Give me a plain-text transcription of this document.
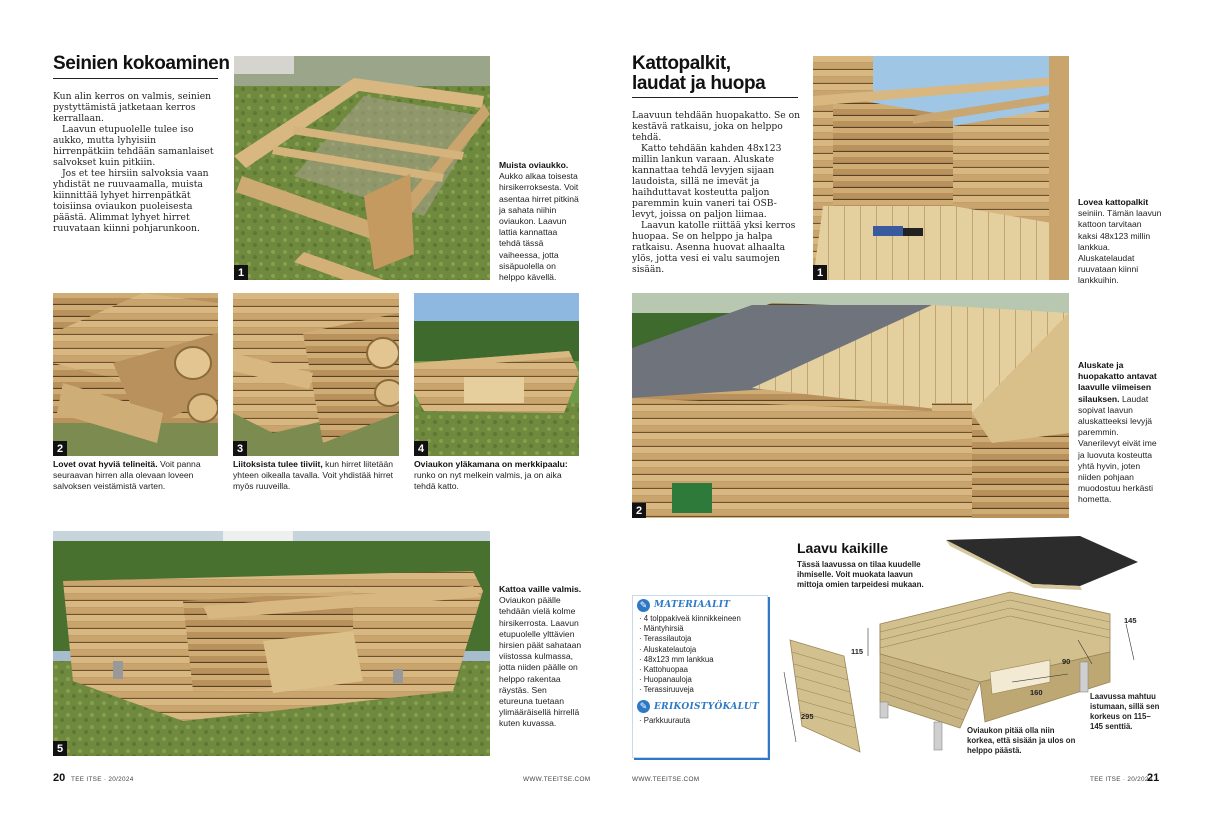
Seinien kokoaminen

Kun alin kerros on valmis, seinien pystyttämistä jatketaan kerros kerrallaan.

Laavun etupuolelle tulee iso aukko, mutta lyhyisiin hirrenpätkiin tehdään samanlaiset salvokset kuin pitkiin.

Jos et tee hirsiin salvoksia vaan yhdistät ne ruuvaamalla, muista kiinnittää lyhyet hirrenpätkät toisiinsa oviaukon puoleisesta päästä. Alimmat lyhyet hirret ruuvataan kiinni pohjarunkoon.

1
Muista oviaukko.
Aukko alkaa toisesta hirsikerroksesta. Voit asentaa hirret pitkinä ja sahata niihin oviaukon. Laavun lattia kannattaa tehdä tässä vaiheessa, jotta sisäpuolella on helppo kävellä.
2
Lovet ovat hyviä telineitä. Voit panna seuraavan hirren alla olevaan loveen salvoksen veistämistä varten.
3
Liitoksista tulee tiiviit, kun hirret liitetään yhteen oikealla tavalla. Voit yhdistää hirret myös ruuveilla.
4
Oviaukon yläkamana on merkkipaalu: runko on nyt melkein valmis, ja on aika tehdä katto.
5
Kattoa vaille valmis. Oviaukon päälle tehdään vielä kolme hirsikerrosta. Laavun etupuolelle ylttävien hirsien päät sahataan viistossa kulmassa, jotta niiden päälle on helppo rakentaa räystäs. Sen etureuna tuetaan ylimääräisellä hirrellä kuten kuvassa.
20 TEE ITSE · 20/2024	WWW.TEEITSE.COM
Kattopalkit,
laudat ja huopa

Laavuun tehdään huopakatto. Se on kestävä ratkaisu, joka on helppo tehdä.

Katto tehdään kahden 48x123 millin lankun varaan. Aluskate kannattaa tehdä levyjen sijaan laudoista, sillä ne imevät ja haihduttavat kosteutta paljon paremmin kuin vaneri tai OSB-levyt, joissa on paljon liimaa.

Laavun katolle riittää yksi kerros huopaa. Se on helppo ja halpa ratkaisu. Asenna huovat alhaalta ylös, jotta vesi ei valu saumojen sisään.	1
Lovea kattopalkit
seiniin. Tämän laavun kattoon tarvitaan kaksi 48x123 millin lankkua. Aluskatelaudat ruuvataan kiinni lankkuihin.
2
Aluskate ja huopakatto antavat laavulle viimeisen silauksen. Laudat sopivat laavun aluskatteeksi levyjä paremmin. Vanerilevyt eivät ime ja luovuta kosteutta yhtä hyvin, joten niiden pohjaan muodostuu herkästi hometta.
Laavu kaikille
Tässä laavussa on tilaa kuudelle ihmiselle. Voit muokata laavun mittoja omien tarpeidesi mukaan.
295
115
160
90
145
Oviaukon pitää olla niin korkea, että sisään ja ulos on helppo päästä.
Laavussa mahtuu istumaan, sillä sen korkeus on 115– 145 senttiä.
✎ MATERIAALIT
· 4 tolppakiveä kiinnikkeineen
· Mäntyhirsiä
· Terassilautoja
· Aluskatelautoja
· 48x123 mm lankkua
· Kattohuopaa
· Huopanauloja
· Terassiruuveja
✎ ERIKOISTYÖKALUT
· Parkkuurauta
WWW.TEEITSE.COM	TEE ITSE · 20/2024
21
